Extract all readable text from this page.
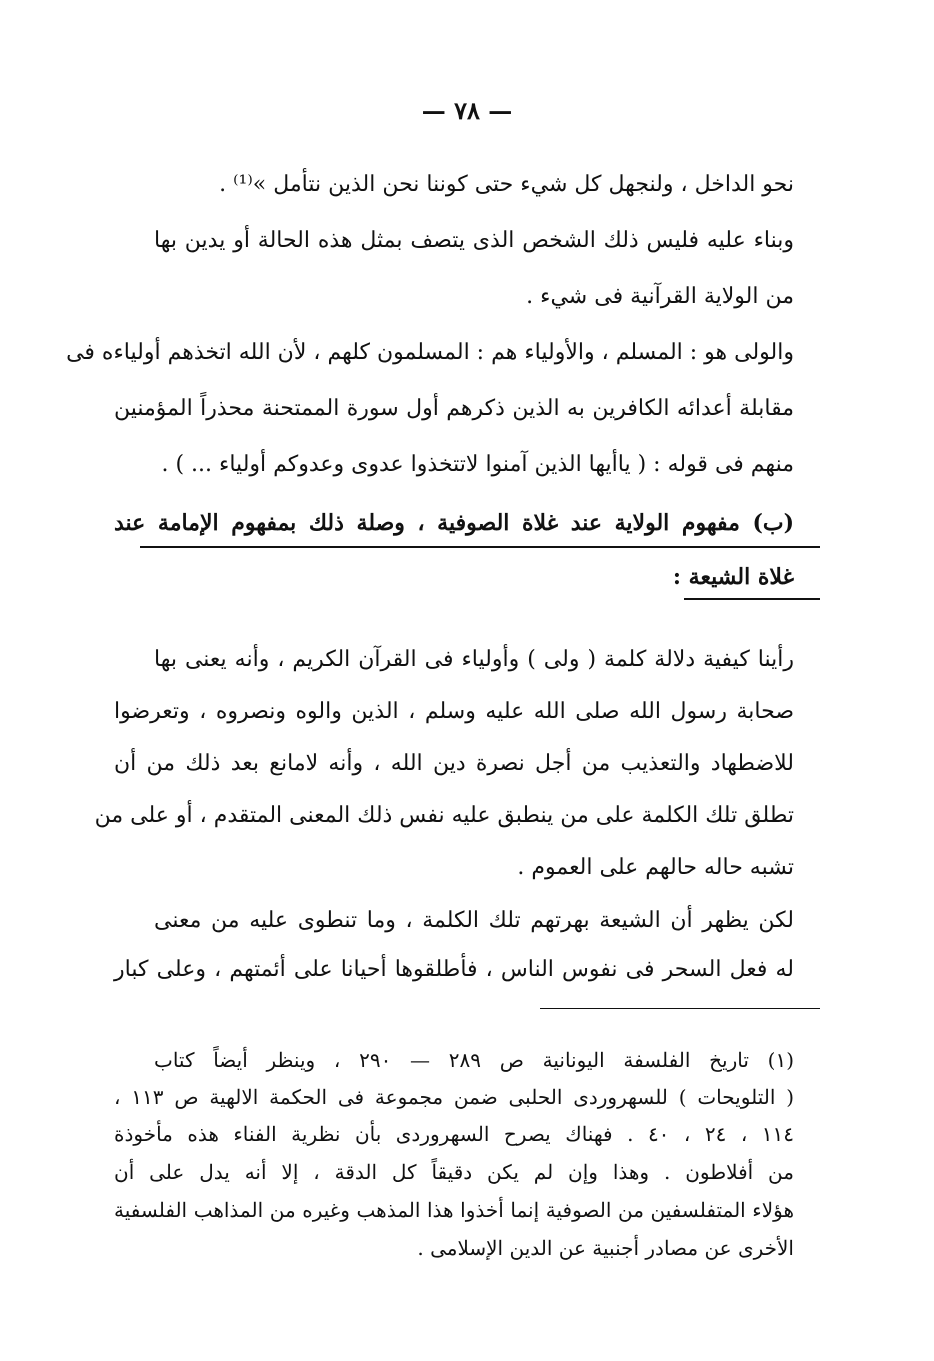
— ٧٨ —
نحو الداخل ، ولنجهل كل شيء حتى كوننا نحن الذين نتأمل »⁽¹⁾ .
وبناء عليه فليس ذلك الشخص الذى يتصف بمثل هذه الحالة أو يدين بها
من الولاية القرآنية فى شيء .
والولى هو : المسلم ، والأولياء هم : المسلمون كلهم ، لأن الله اتخذهم أولياءه فى
مقابلة أعدائه الكافرين به الذين ذكرهم أول سورة الممتحنة محذراً المؤمنين
منهم فى قوله : ( ياأيها الذين آمنوا لاتتخذوا عدوى وعدوكم أولياء ... ) .
(ب) مفهوم الولاية عند غلاة الصوفية ، وصلة ذلك بمفهوم الإمامة عند
غلاة الشيعة :
رأينا كيفية دلالة كلمة ( ولى ) وأولياء فى القرآن الكريم ، وأنه يعنى بها
صحابة رسول الله صلى الله عليه وسلم ، الذين والوه ونصروه ، وتعرضوا
للاضطهاد والتعذيب من أجل نصرة دين الله ، وأنه لامانع بعد ذلك من أن
تطلق تلك الكلمة على من ينطبق عليه نفس ذلك المعنى المتقدم ، أو على من
تشبه حاله حالهم على العموم .
لكن يظهر أن الشيعة بهرتهم تلك الكلمة ، وما تنطوى عليه من معنى
له فعل السحر فى نفوس الناس ، فأطلقوها أحيانا على أئمتهم ، وعلى كبار
(١) تاريخ الفلسفة اليونانية ص ٢٨٩ — ٢٩٠ ، وينظر أيضاً كتاب
( التلويحات ) للسهروردى الحلبى ضمن مجموعة فى الحكمة الالهية ص ١١٣ ،
١١٤ ، ٢٤ ، ٤٠ . فهناك يصرح السهروردى بأن نظرية الفناء هذه مأخوذة
من أفلاطون . وهذا وإن لم يكن دقيقاً كل الدقة ، إلا أنه يدل على أن
هؤلاء المتفلسفين من الصوفية إنما أخذوا هذا المذهب وغيره من المذاهب الفلسفية
الأخرى عن مصادر أجنبية عن الدين الإسلامى .
